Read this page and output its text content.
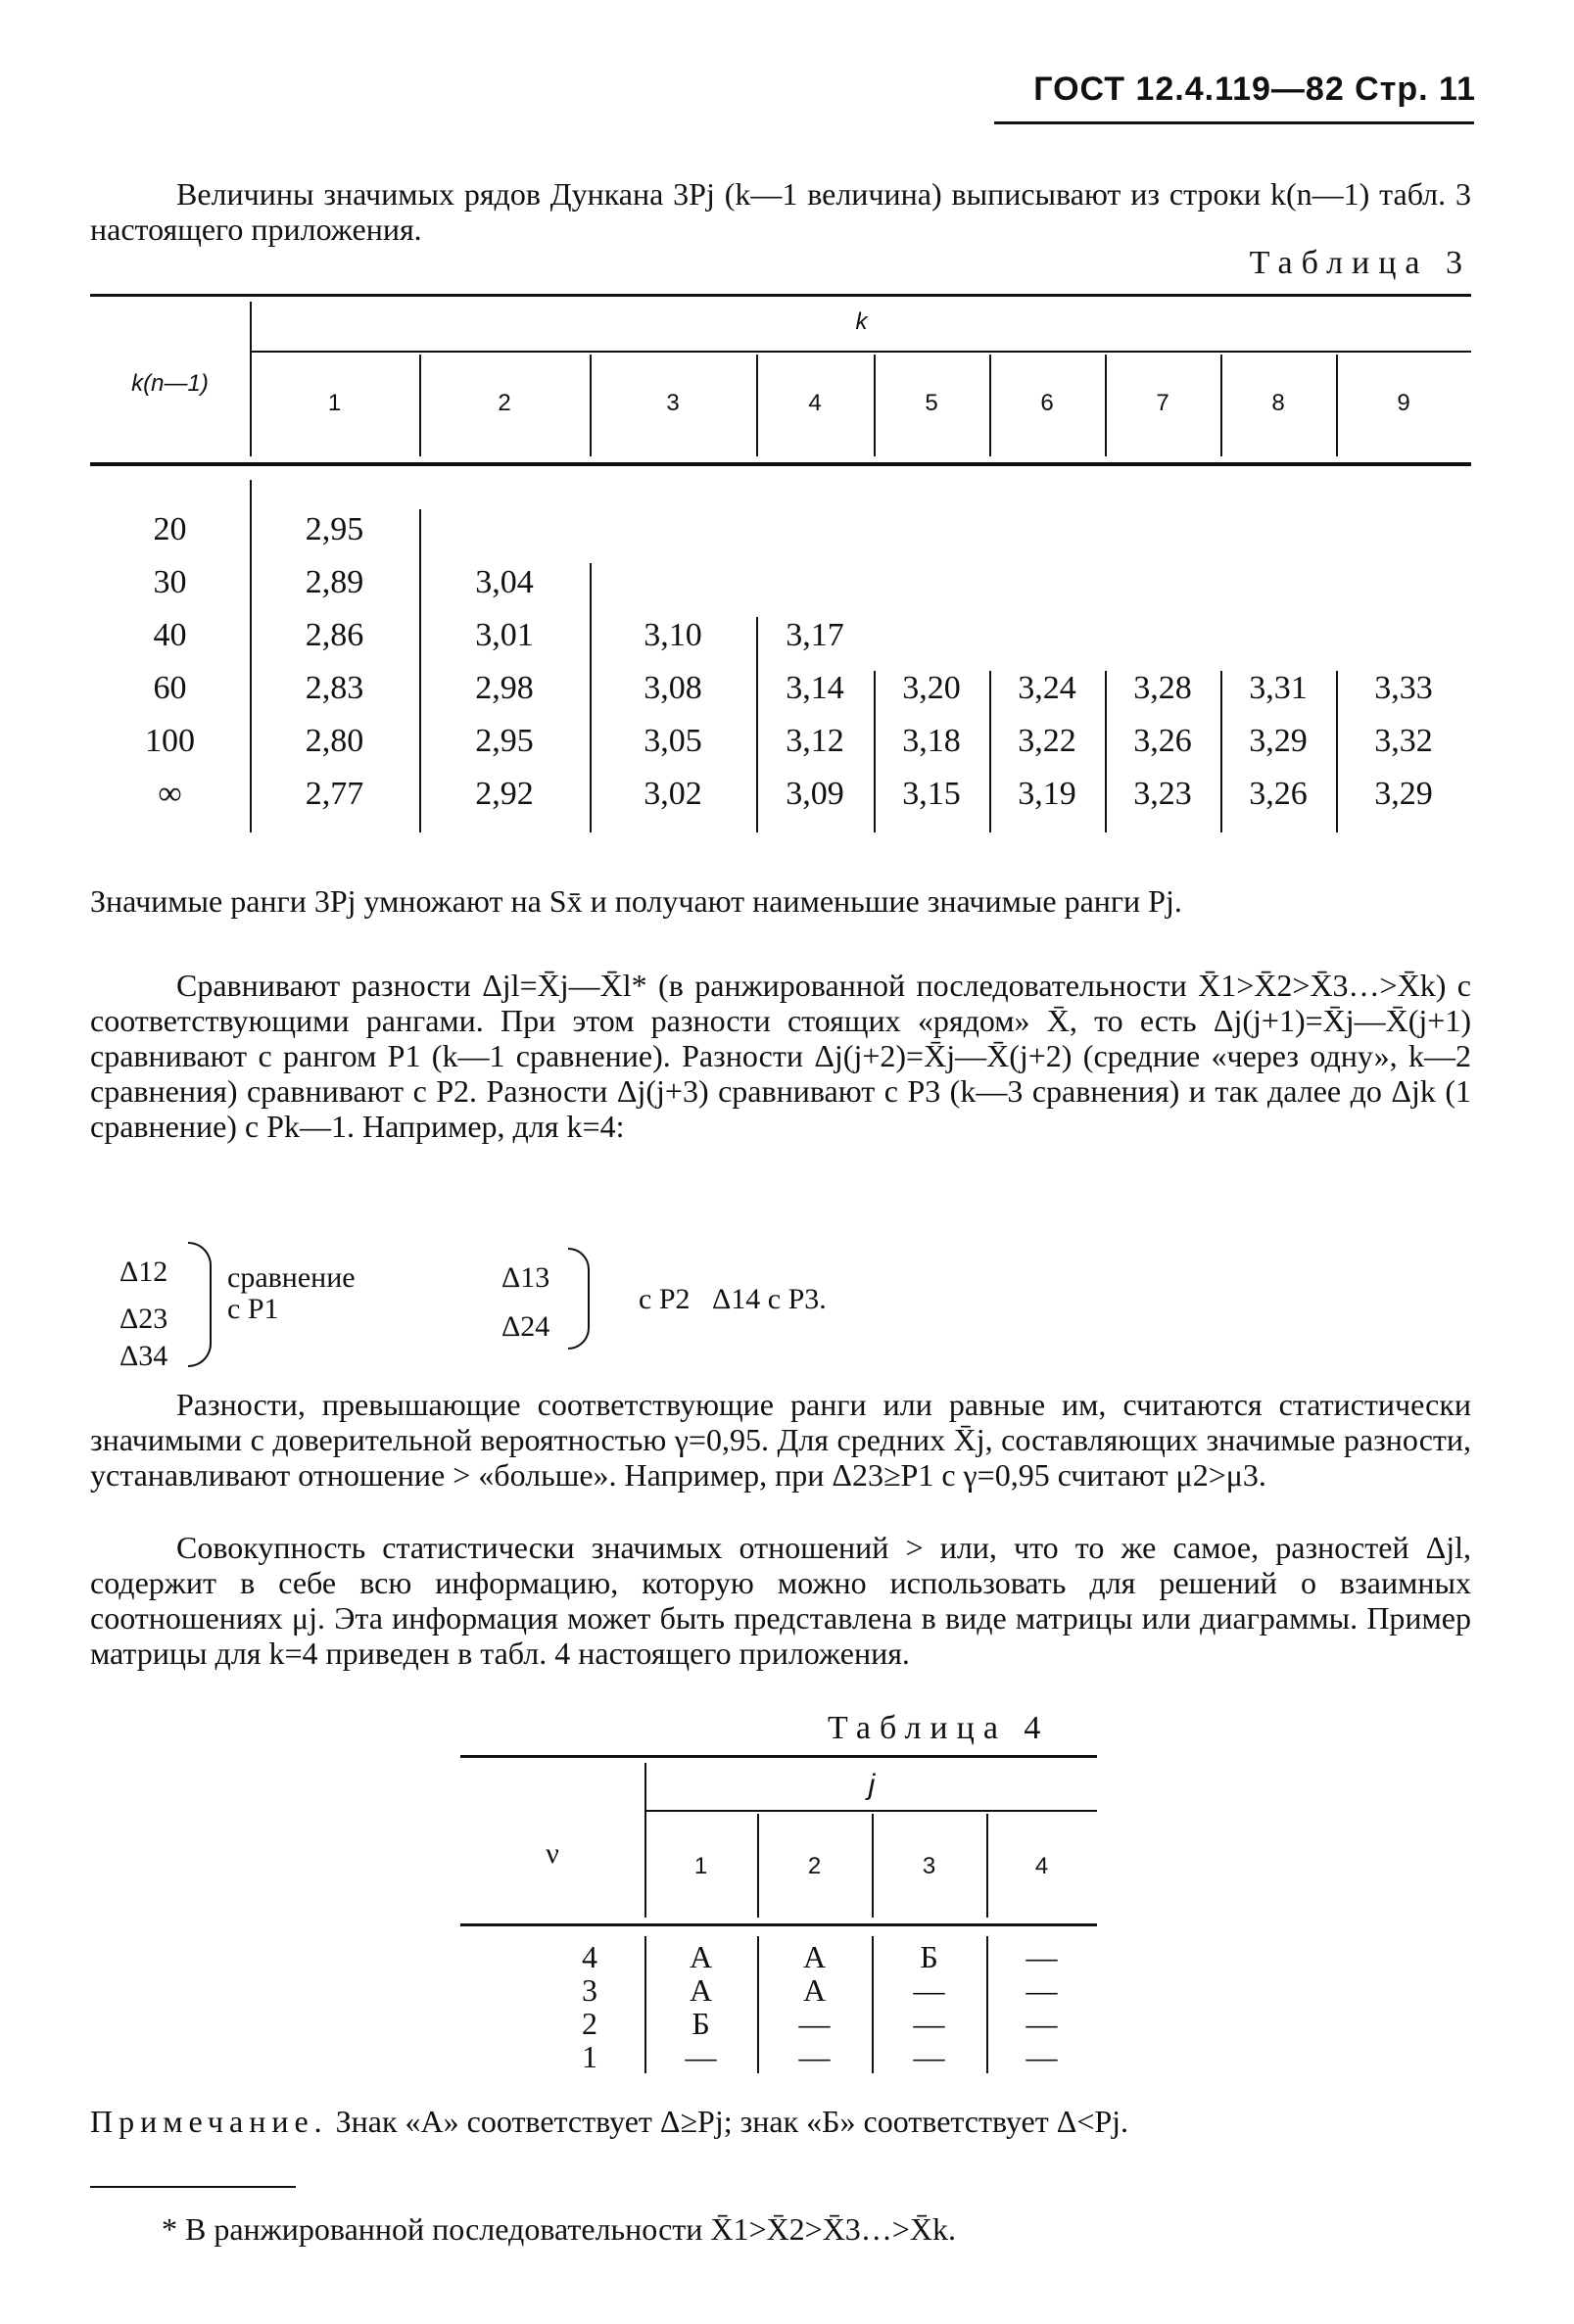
ГОСТ 12.4.119—82 Стр. 11
Величины значимых рядов Дункана 3Pj (k—1 величина) выписывают из строки k(n—1) табл. 3 настоящего приложения.
Таблица 3
k(n—1)
k
1	2	3	4	5	6	7	8	9
20	2,95
30	2,89	3,04
40	2,86	3,01	3,10	3,17
60	2,83	2,98	3,08	3,14	3,20	3,24	3,28	3,31	3,33
100	2,80	2,95	3,05	3,12	3,18	3,22	3,26	3,29	3,32
∞	2,77	2,92	3,02	3,09	3,15	3,19	3,23	3,26	3,29
Значимые ранги 3Pj умножают на Sx̄ и получают наименьшие значимые ранги Pj.
Сравнивают разности Δjl=X̄j—X̄l* (в ранжированной последовательности X̄1>X̄2>X̄3…>X̄k) с соответствующими рангами. При этом разности стоящих «рядом» X̄, то есть Δj(j+1)=X̄j—X̄(j+1) сравнивают с рангом P1 (k—1 сравнение). Разности Δj(j+2)=X̄j—X̄(j+2) (средние «через одну», k—2 сравнения) сравнивают с P2. Разности Δj(j+3) сравнивают с P3 (k—3 сравнения) и так далее до Δjk (1 сравнение) с Pk—1. Например, для k=4:
Δ12
Δ23
Δ34
сравнение
с P1
Δ13
Δ24
с P2   Δ14 с P3.
Разности, превышающие соответствующие ранги или равные им, считаются статистически значимыми с доверительной вероятностью γ=0,95. Для средних X̄j, составляющих значимые разности, устанавливают отношение > «больше». Например, при Δ23≥P1 с γ=0,95 считают μ2>μ3.
Совокупность статистически значимых отношений > или, что то же самое, разностей Δjl, содержит в себе всю информацию, которую можно использовать для решений о взаимных соотношениях μj. Эта информация может быть представлена в виде матрицы или диаграммы. Пример матрицы для k=4 приведен в табл. 4 настоящего приложения.
Таблица 4
ν
j
1	2	3	4
4	А	А	Б	—
3	А	А	—	—
2	Б	—	—	—
1	—	—	—	—
Примечание. Знак «А» соответствует Δ≥Pj; знак «Б» соответствует Δ<Pj.
* В ранжированной последовательности X̄1>X̄2>X̄3…>X̄k.
